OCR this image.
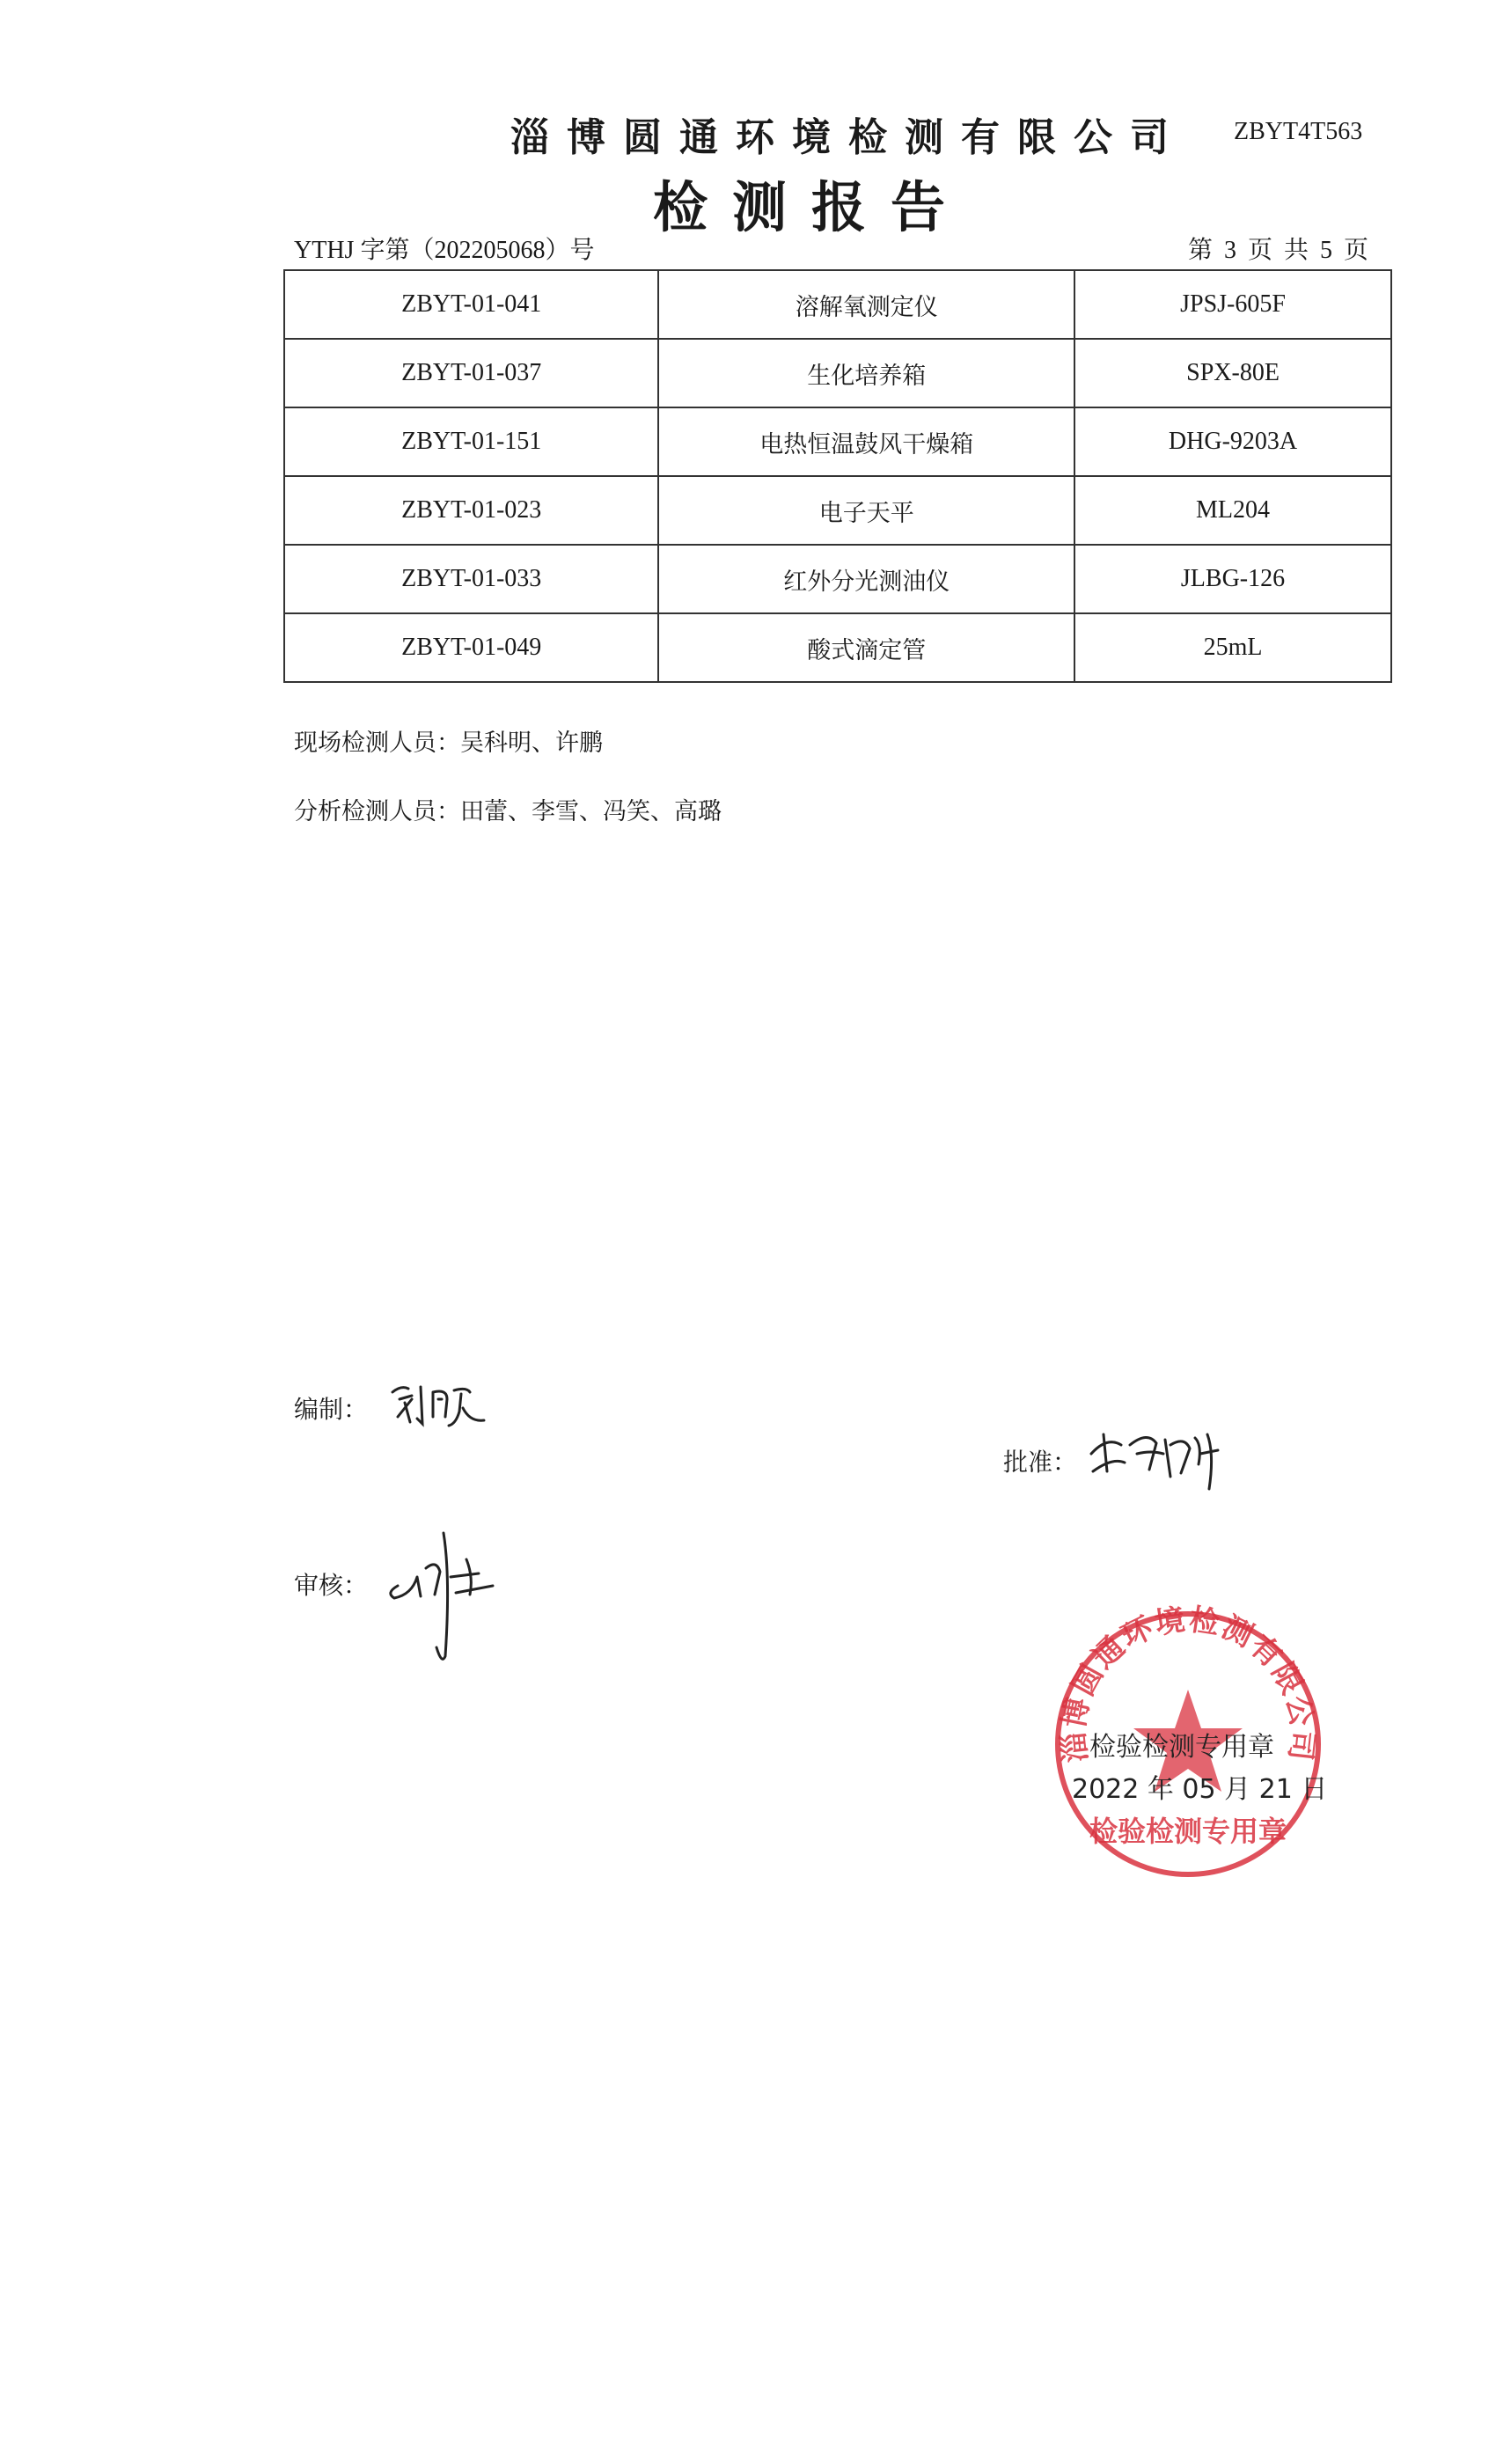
淄博圆通环境检测有限公司 ZBYT4T563
检测报告
YTHJ 字第（202205068）号	第 3 页 共 5 页
ZBYT-01-041	溶解氧测定仪	JPSJ-605F
ZBYT-01-037	生化培养箱	SPX-80E
ZBYT-01-151	电热恒温鼓风干燥箱	DHG-9203A
ZBYT-01-023	电子天平	ML204
ZBYT-01-033	红外分光测油仪	JLBG-126
ZBYT-01-049	酸式滴定管	25mL
现场检测人员：吴科明、许鹏
分析检测人员：田蕾、李雪、冯笑、高璐
编制：
批准：
审核：
淄博圆通环境检测有限公司
检验检测专用章
检验检测专用章
2022 年 05 月 21 日
